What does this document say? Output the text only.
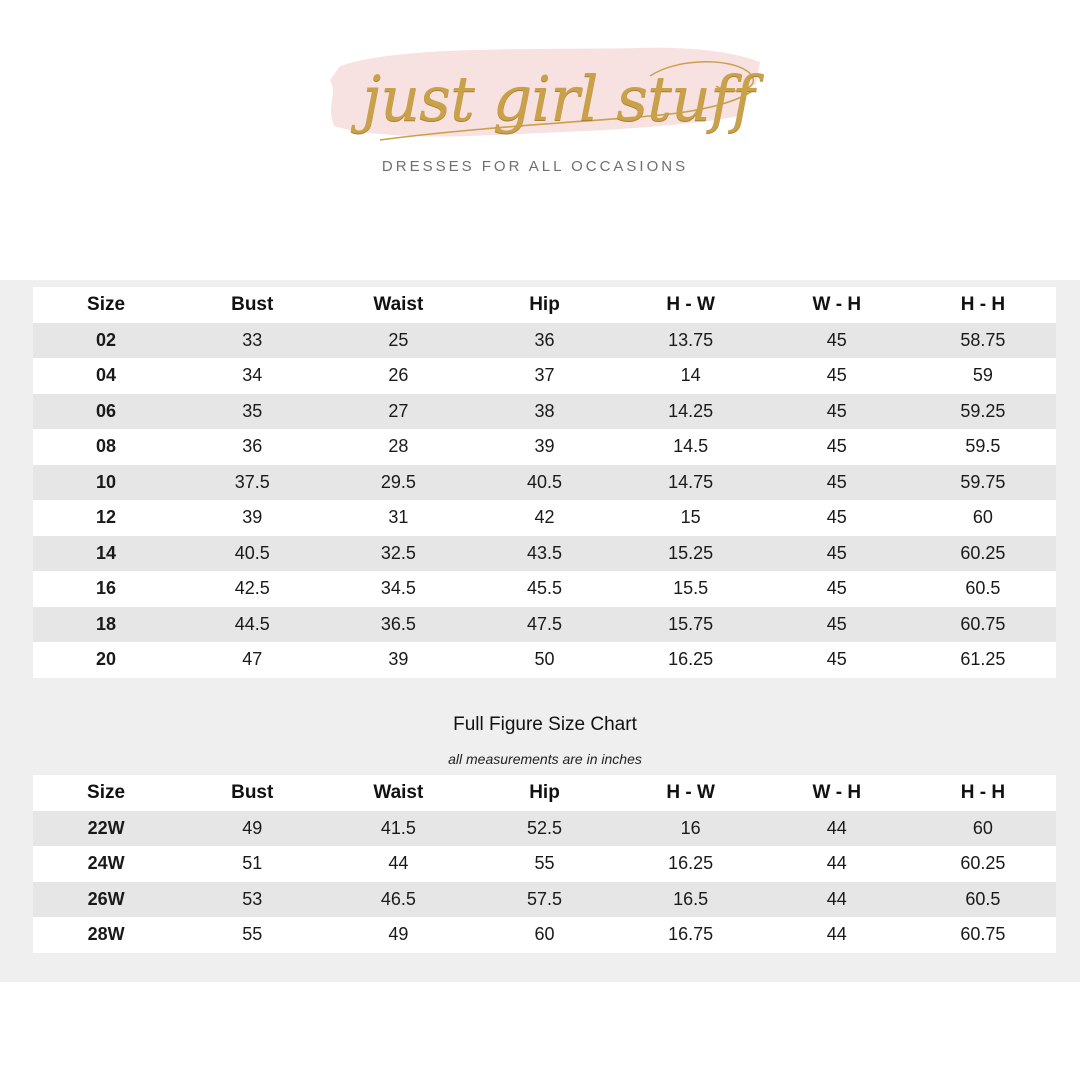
just girl stuff
DRESSES FOR ALL OCCASIONS
Size	Bust	Waist	Hip	H - W	W - H	H - H
02	33	25	36	13.75	45	58.75
04	34	26	37	14	45	59
06	35	27	38	14.25	45	59.25
08	36	28	39	14.5	45	59.5
10	37.5	29.5	40.5	14.75	45	59.75
12	39	31	42	15	45	60
14	40.5	32.5	43.5	15.25	45	60.25
16	42.5	34.5	45.5	15.5	45	60.5
18	44.5	36.5	47.5	15.75	45	60.75
20	47	39	50	16.25	45	61.25
Full Figure Size Chart
all measurements are in inches
Size	Bust	Waist	Hip	H - W	W - H	H - H
22W	49	41.5	52.5	16	44	60
24W	51	44	55	16.25	44	60.25
26W	53	46.5	57.5	16.5	44	60.5
28W	55	49	60	16.75	44	60.75
